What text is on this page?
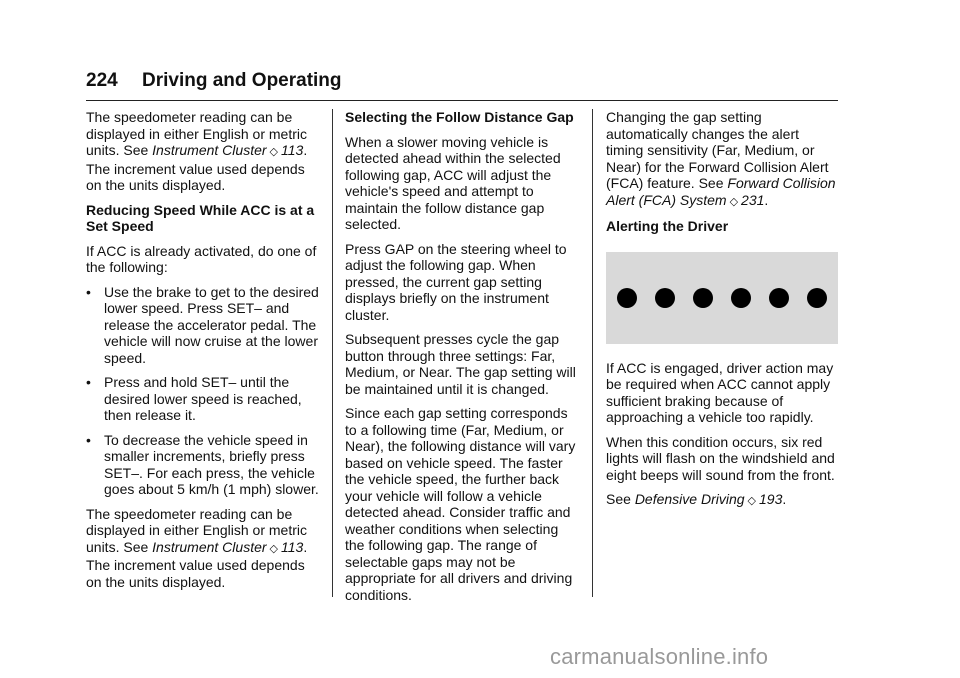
224 Driving and Operating

The speedometer reading can be displayed in either English or metric units. See Instrument Cluster ◇ 113. The increment value used depends on the units displayed.

Reducing Speed While ACC is at a Set Speed

If ACC is already activated, do one of the following:

• Use the brake to get to the desired lower speed. Press SET– and release the accelerator pedal. The vehicle will now cruise at the lower speed.
• Press and hold SET– until the desired lower speed is reached, then release it.
• To decrease the vehicle speed in smaller increments, briefly press SET–. For each press, the vehicle goes about 5 km/h (1 mph) slower.

The speedometer reading can be displayed in either English or metric units. See Instrument Cluster ◇ 113. The increment value used depends on the units displayed.

Selecting the Follow Distance Gap

When a slower moving vehicle is detected ahead within the selected following gap, ACC will adjust the vehicle's speed and attempt to maintain the follow distance gap selected.

Press GAP on the steering wheel to adjust the following gap. When pressed, the current gap setting displays briefly on the instrument cluster.

Subsequent presses cycle the gap button through three settings: Far, Medium, or Near. The gap setting will be maintained until it is changed.

Since each gap setting corresponds to a following time (Far, Medium, or Near), the following distance will vary based on vehicle speed. The faster the vehicle speed, the further back your vehicle will follow a vehicle detected ahead. Consider traffic and weather conditions when selecting the following gap. The range of selectable gaps may not be appropriate for all drivers and driving conditions.

Changing the gap setting automatically changes the alert timing sensitivity (Far, Medium, or Near) for the Forward Collision Alert (FCA) feature. See Forward Collision Alert (FCA) System ◇ 231.

Alerting the Driver

If ACC is engaged, driver action may be required when ACC cannot apply sufficient braking because of approaching a vehicle too rapidly.

When this condition occurs, six red lights will flash on the windshield and eight beeps will sound from the front.

See Defensive Driving ◇ 193.

carmanualsonline.info
